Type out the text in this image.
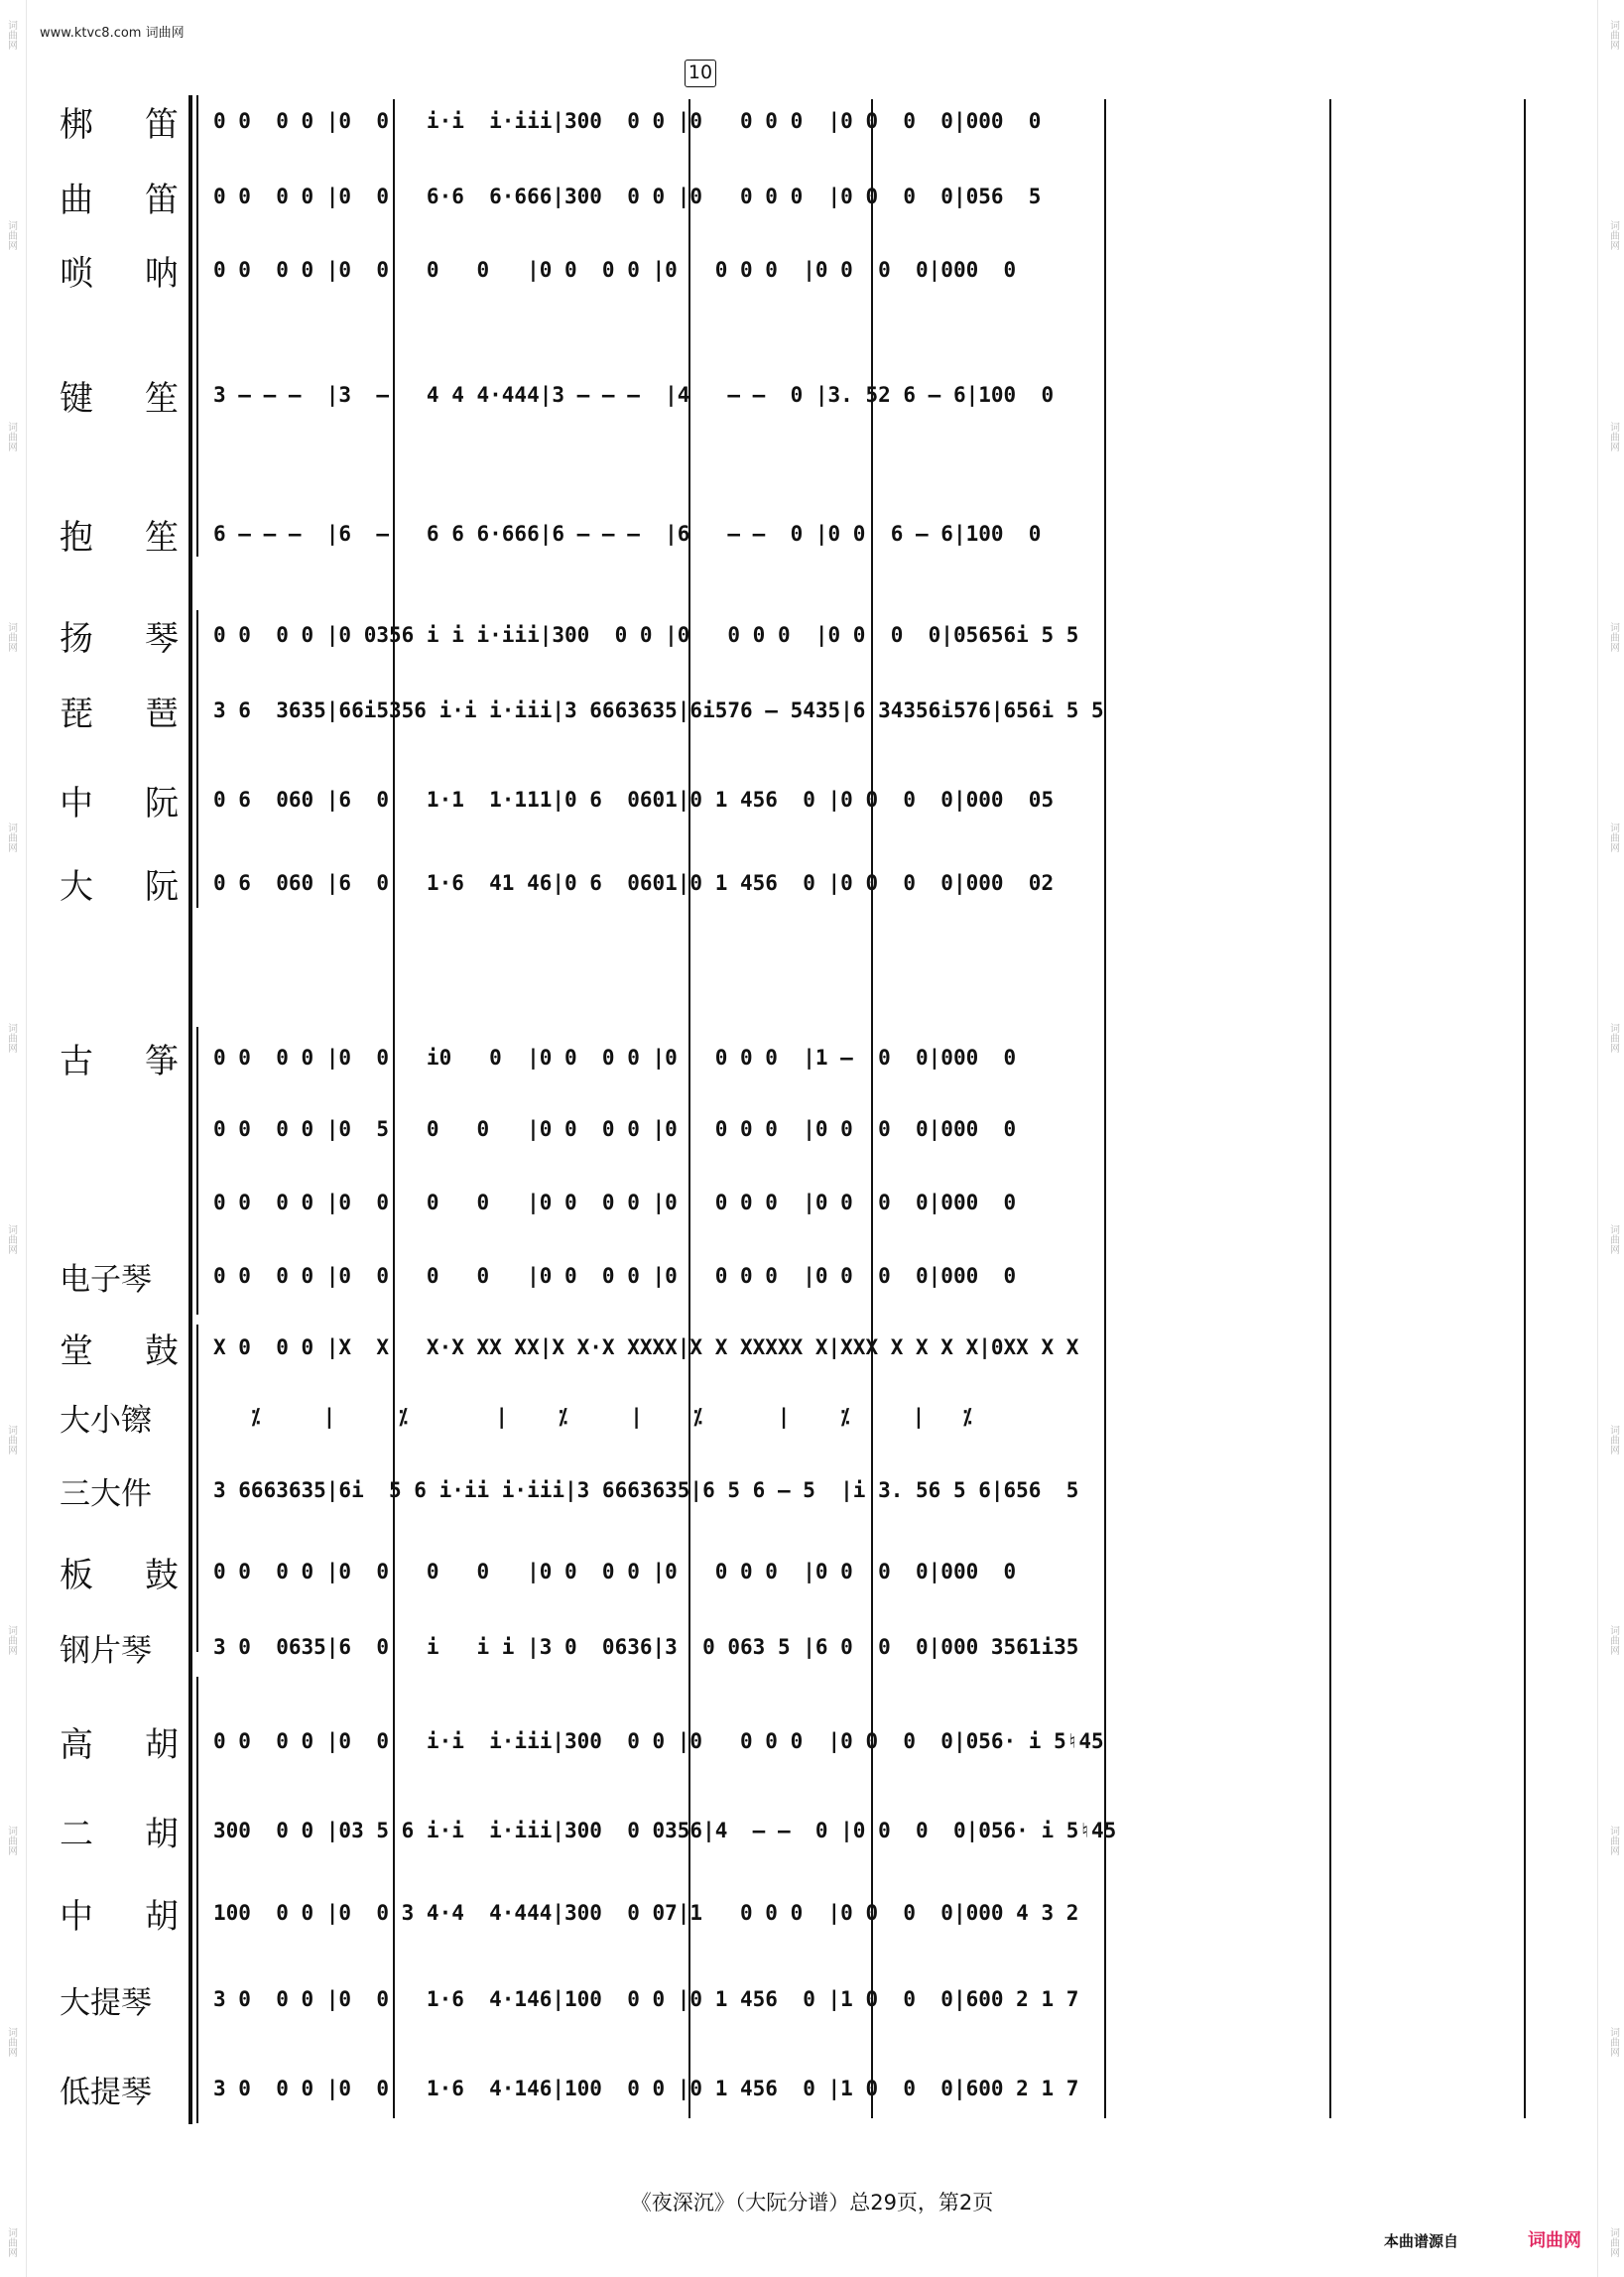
词曲网
词曲网
词曲网
词曲网
词曲网
词曲网
词曲网
词曲网
词曲网
词曲网
词曲网
词曲网
词曲网
词曲网
词曲网
词曲网
词曲网
词曲网
词曲网
词曲网
词曲网
词曲网
词曲网
词曲网
www.ktvc8.com 词曲网
10
梆 笛 0 0  0 0 |0  0   i·i  i·iii|300  0 0 |0   0 0 0  |0 0  0  0|000  0
曲 笛 0 0  0 0 |0  0   6·6  6·666|300  0 0 |0   0 0 0  |0 0  0  0|056  5
唢 呐 0 0  0 0 |0  0   0   0   |0 0  0 0 |0   0 0 0  |0 0  0  0|000  0
键 笙 3 – – –  |3  –   4 4 4·444|3 – – –  |4   – –  0 |3. 52 6 – 6|100  0
抱 笙 6 – – –  |6  –   6 6 6·666|6 – – –  |6   – –  0 |0 0  6 – 6|100  0
扬 琴 0 0  0 0 |0 0356 i i i·iii|300  0 0 |0   0 0 0  |0 0  0  0|05656i 5 5
琵 琶 3 6  3635|66i5356 i·i i·iii|3 6663635|6i576 – 5435|6 34356i576|656i 5 5
中 阮 0 6  060 |6  0   1·1  1·111|0 6  0601|0 1 456  0 |0 0  0  0|000  05
大 阮 0 6  060 |6  0   1·6  41 46|0 6  0601|0 1 456  0 |0 0  0  0|000  02
古 筝 0 0  0 0 |0  0   i0   0  |0 0  0 0 |0   0 0 0  |1 –  0  0|000  0
0 0  0 0 |0  5   0   0   |0 0  0 0 |0   0 0 0  |0 0  0  0|000  0
0 0  0 0 |0  0   0   0   |0 0  0 0 |0   0 0 0  |0 0  0  0|000  0
电子琴	0 0  0 0 |0  0   0   0   |0 0  0 0 |0   0 0 0  |0 0  0  0|000  0
堂 鼓 X 0  0 0 |X  X   X·X XX XX|X X·X XXXX|X X XXXXX X|XXX X X X X|0XX X X
大小镲	⁒     |     ⁒       |    ⁒     |    ⁒      |    ⁒     |   ⁒
三大件	3 6663635|6i  5 6 i·ii i·iii|3 6663635|6 5 6 – 5  |i 3. 56 5 6|656  5
板 鼓 0 0  0 0 |0  0   0   0   |0 0  0 0 |0   0 0 0  |0 0  0  0|000  0
钢片琴	3 0  0635|6  0   i   i i |3 0  0636|3  0 063 5 |6 0  0  0|000 3561i35
高 胡 0 0  0 0 |0  0   i·i  i·iii|300  0 0 |0   0 0 0  |0 0  0  0|056· i 5♮45
二 胡 300  0 0 |03 5 6 i·i  i·iii|300  0 0356|4  – –  0 |0 0  0  0|056· i 5♮45
中 胡 100  0 0 |0  0 3 4·4  4·444|300  0 07|1   0 0 0  |0 0  0  0|000 4 3 2
大提琴	3 0  0 0 |0  0   1·6  4·146|100  0 0 |0 1 456  0 |1 0  0  0|600 2 1 7
低提琴	3 0  0 0 |0  0   1·6  4·146|100  0 0 |0 1 456  0 |1 0  0  0|600 2 1 7
《夜深沉》（大阮分谱）总29页，第2页
本曲谱源自	词曲网
